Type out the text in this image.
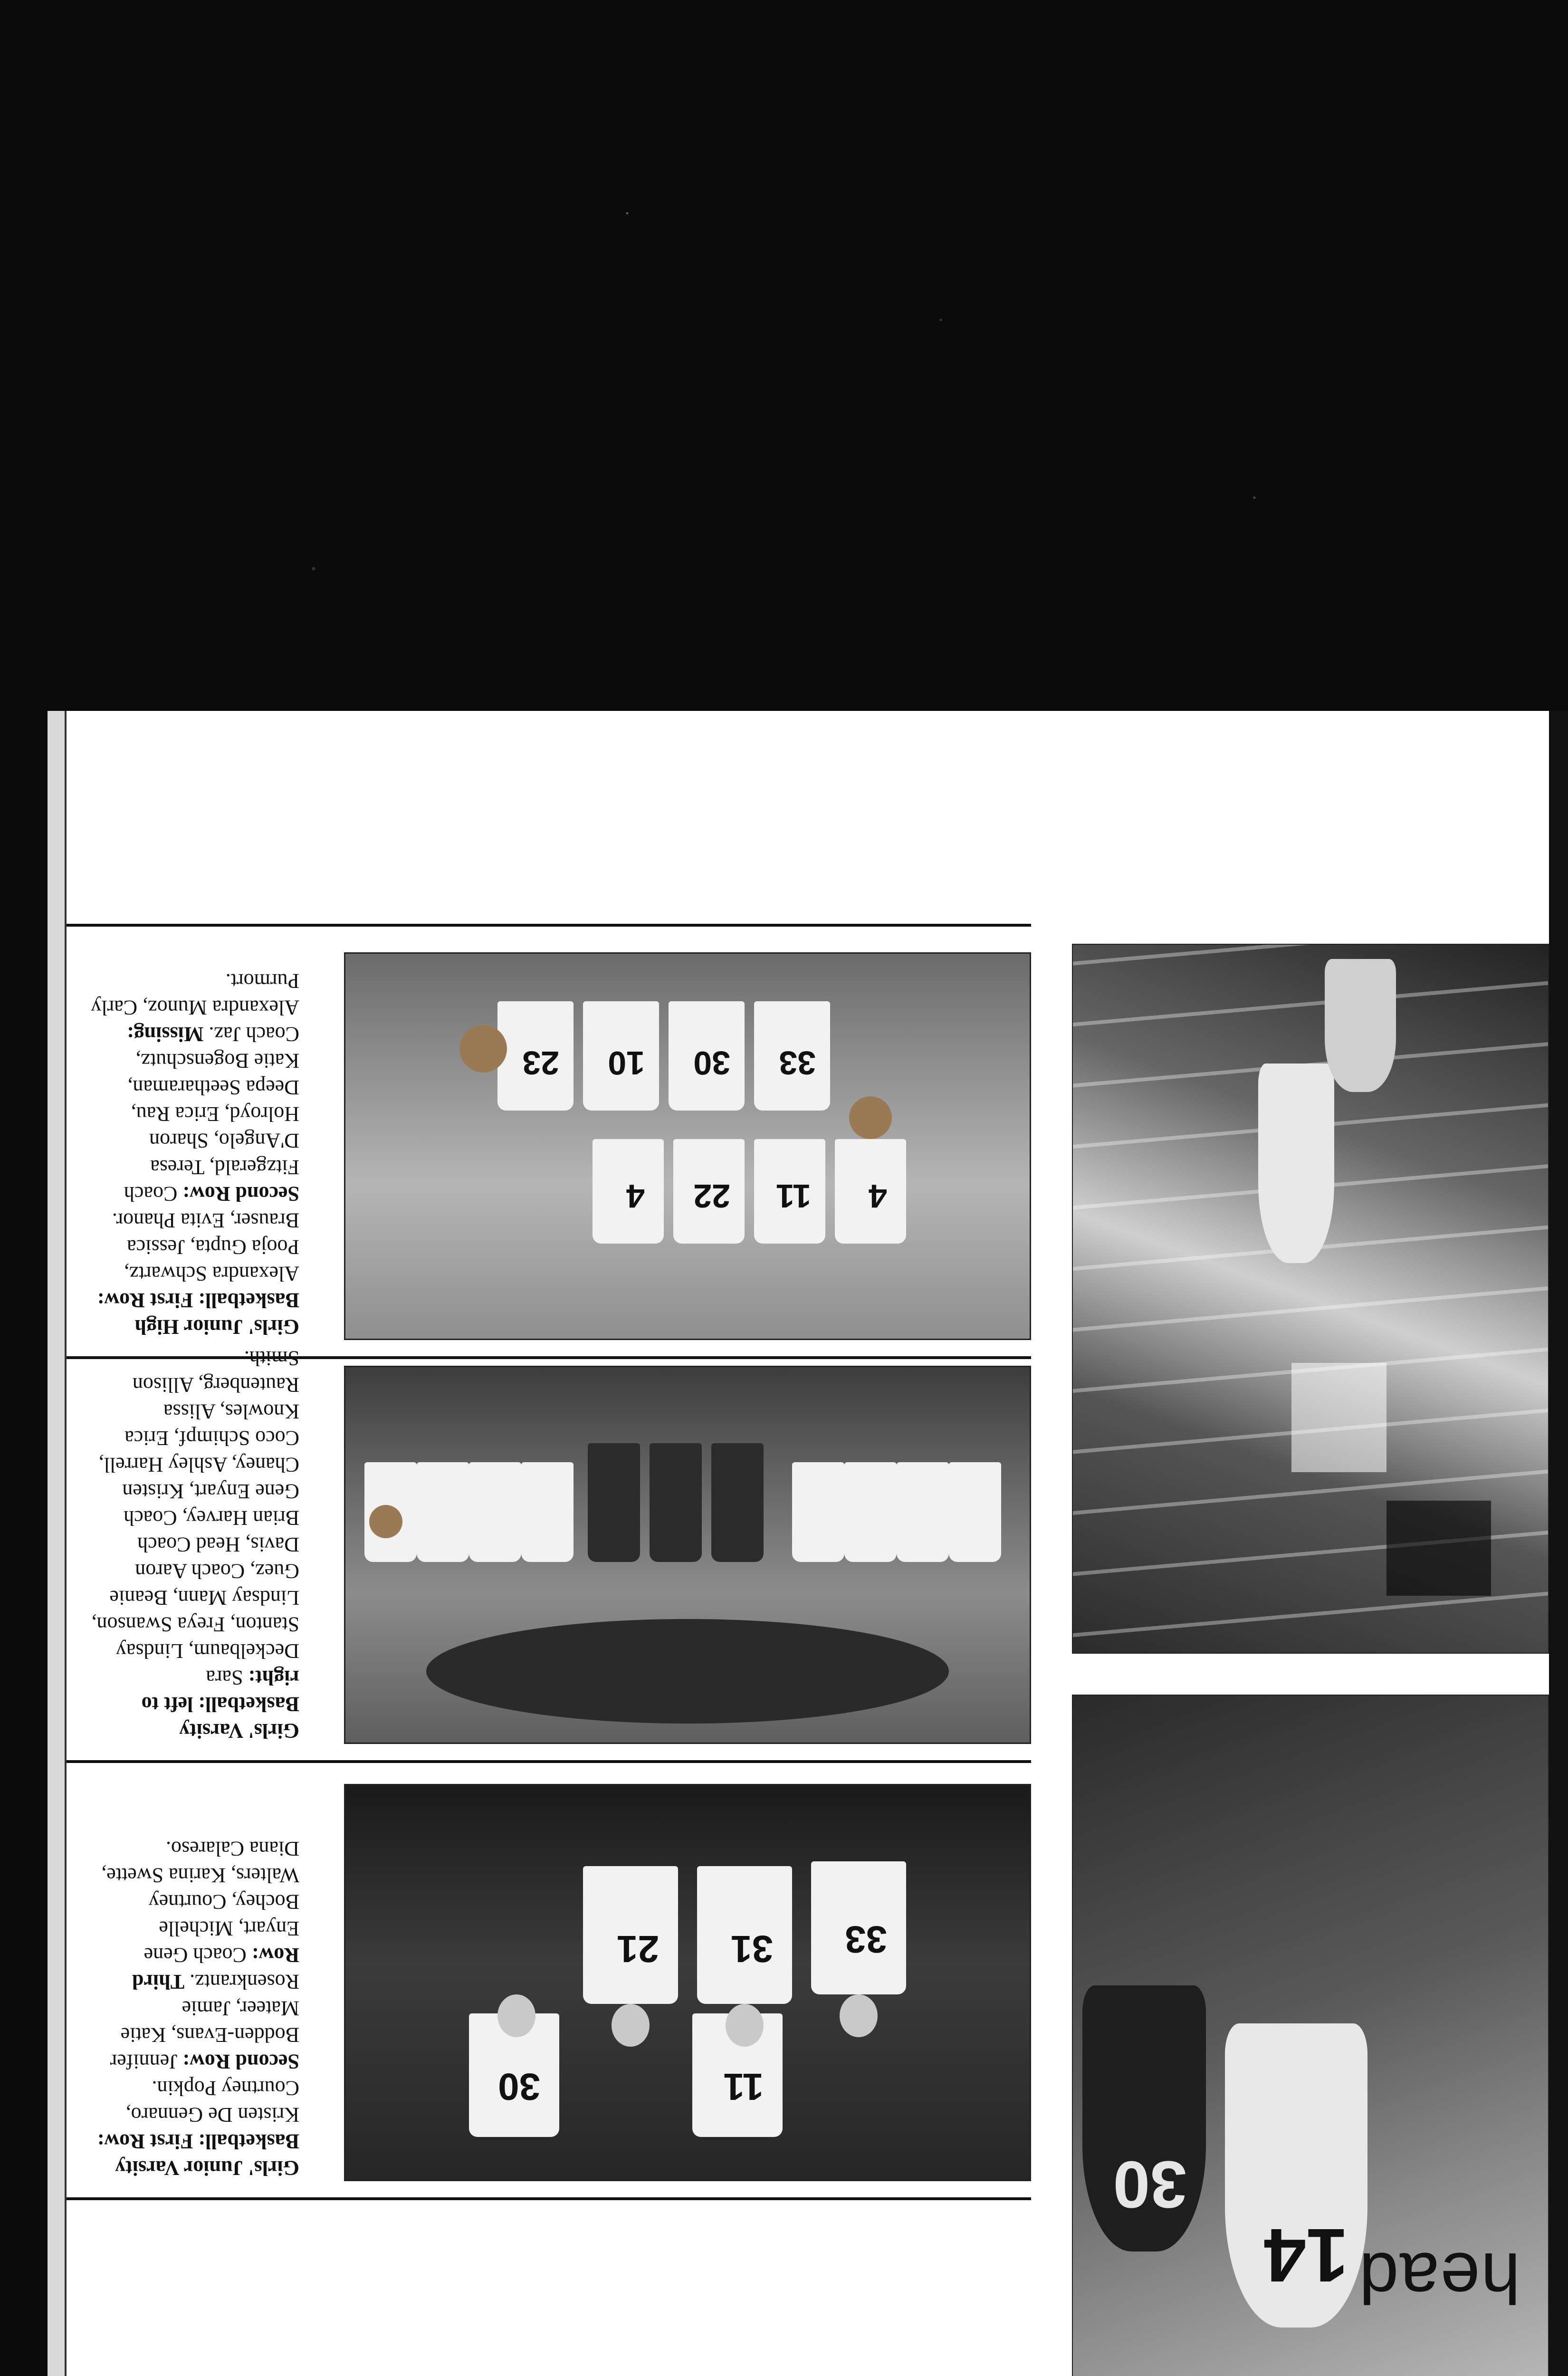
14
30
head
Girls' Junior Varsity Basketball: First Row: Kristen De Gennaro, Courtney Popkin. Second Row: Jennifer Bodden-Evans, Katie Mateer, Jamie Rosenkrantz. Third Row: Coach Gene Enyart, Michelle Bochey, Courtney Walters, Karina Swette, Diana Calareso.
33
31
21
11
30
Girls' Varsity Basketball: left to right: Sara Deckelbaum, Lindsay Stanton, Freya Swanson, Lindsay Mann, Beanie Guez, Coach Aaron Davis, Head Coach Brian Harvey, Coach Gene Enyart, Kristen Chaney, Ashley Harrell, Coco Schimpf, Erica Knowles, Alissa Rautenberg, Allison Smith.
Girls' Junior High Basketball: First Row: Alexandra Schwartz, Pooja Gupta, Jessica Brauser, Evita Phanor. Second Row: Coach Fitzgerald, Teresa D'Angelo, Sharon Holroyd, Erica Rau, Deepa Seetharaman, Katie Bogenschutz, Coach Jaz. Missing: Alexandra Munoz, Carly Purmort.
4
11
22
4
33
30
10
23
